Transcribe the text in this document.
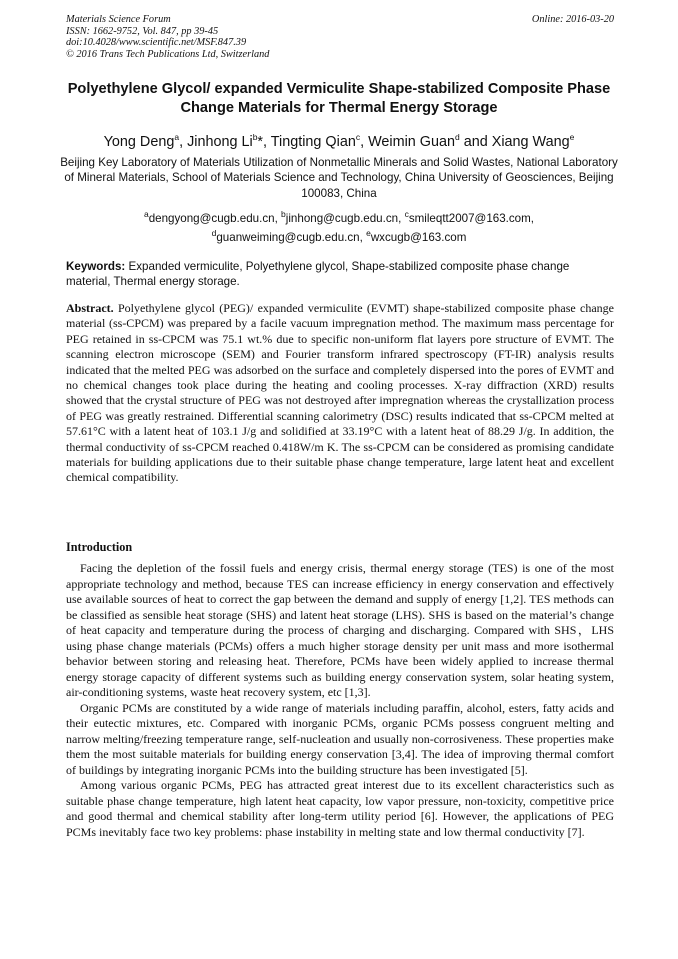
Materials Science Forum
ISSN: 1662-9752, Vol. 847, pp 39-45
doi:10.4028/www.scientific.net/MSF.847.39
© 2016 Trans Tech Publications Ltd, Switzerland
Online: 2016-03-20
Polyethylene Glycol/ expanded Vermiculite Shape-stabilized Composite Phase Change Materials for Thermal Energy Storage
Yong Deng$^a$, Jinhong Li$^b$*, Tingting Qian$^c$, Weimin Guan$^d$ and Xiang Wang$^e$
Beijing Key Laboratory of Materials Utilization of Nonmetallic Minerals and Solid Wastes, National Laboratory of Mineral Materials, School of Materials Science and Technology, China University of Geosciences, Beijing 100083, China
$^a$dengyong@cugb.edu.cn, $^b$jinhong@cugb.edu.cn, $^c$smileqtt2007@163.com,
$^d$guanweiming@cugb.edu.cn, $^e$wxcugb@163.com
Keywords: Expanded vermiculite, Polyethylene glycol, Shape-stabilized composite phase change material, Thermal energy storage.
Abstract. Polyethylene glycol (PEG)/ expanded vermiculite (EVMT) shape-stabilized composite phase change material (ss-CPCM) was prepared by a facile vacuum impregnation method. The maximum mass percentage for PEG retained in ss-CPCM was 75.1 wt.% due to specific non-uniform flat layers pore structure of EVMT. The scanning electron microscope (SEM) and Fourier transform infrared spectroscopy (FT-IR) analysis results indicated that the melted PEG was adsorbed on the surface and completely dispersed into the pores of EVMT and no chemical changes took place during the heating and cooling processes. X-ray diffraction (XRD) results showed that the crystal structure of PEG was not destroyed after impregnation whereas the crystallization process of PEG was greatly restrained. Differential scanning calorimetry (DSC) results indicated that ss-CPCM melted at 57.61°C with a latent heat of 103.1 J/g and solidified at 33.19°C with a latent heat of 88.29 J/g. In addition, the thermal conductivity of ss-CPCM reached 0.418W/m K. The ss-CPCM can be considered as promising candidate materials for building applications due to their suitable phase change temperature, large latent heat and excellent chemical compatibility.
Introduction

Facing the depletion of the fossil fuels and energy crisis, thermal energy storage (TES) is one of the most appropriate technology and method, because TES can increase efficiency in energy conservation and effectively use available sources of heat to correct the gap between the demand and supply of energy [1,2]. TES methods can be classified as sensible heat storage (SHS) and latent heat storage (LHS). SHS is based on the material’s change of heat capacity and temperature during the process of charging and discharging. Compared with SHS，LHS using phase change materials (PCMs) offers a much higher storage density per unit mass and more isothermal behavior between storing and releasing heat. Therefore, PCMs have been widely applied to increase thermal energy storage capacity of different systems such as building energy conservation system, solar heating system, air-conditioning systems, waste heat recovery system, etc [1,3].

Organic PCMs are constituted by a wide range of materials including paraffin, alcohol, esters, fatty acids and their eutectic mixtures, etc. Compared with inorganic PCMs, organic PCMs possess congruent melting and narrow melting/freezing temperature range, self-nucleation and usually non-corrosiveness. These properties make them the most suitable materials for building energy conservation [3,4]. The idea of improving thermal comfort of buildings by integrating inorganic PCMs into the building structure has been investigated [5].

Among various organic PCMs, PEG has attracted great interest due to its excellent characteristics such as suitable phase change temperature, high latent heat capacity, low vapor pressure, non-toxicity, competitive price and good thermal and chemical stability after long-term utility period [6]. However, the applications of PEG PCMs inevitably face two key problems: phase instability in melting state and low thermal conductivity [7].
